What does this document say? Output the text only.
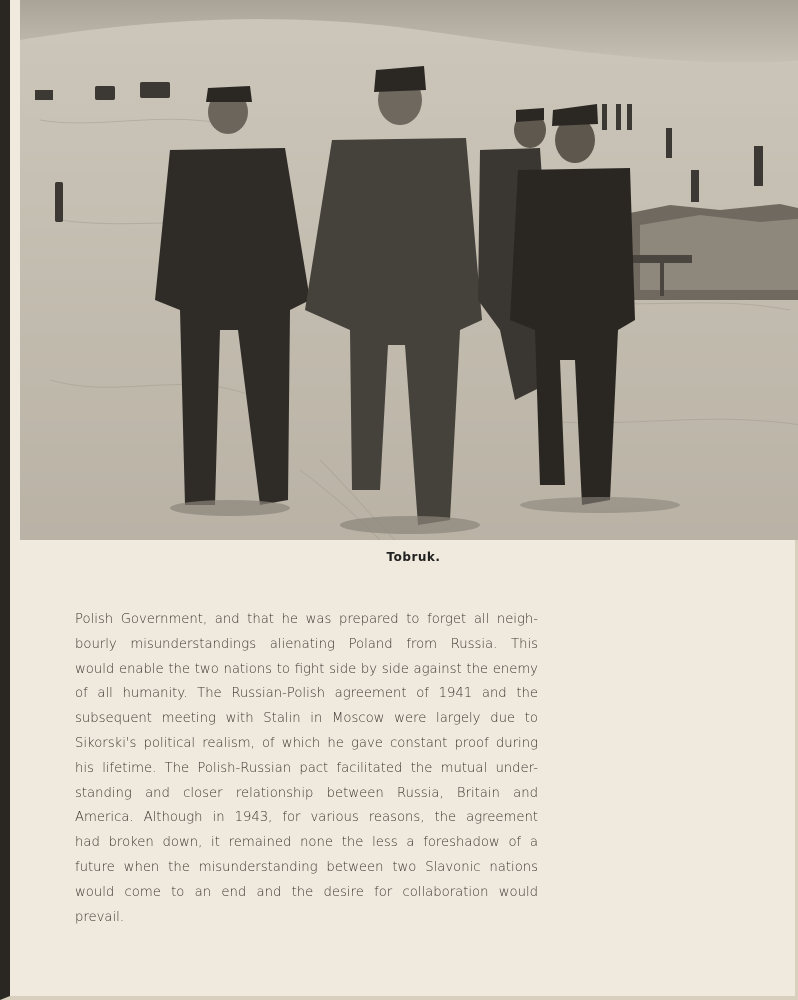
Tobruk.
Polish Government, and that he was prepared to forget all neigh-
bourly misunderstandings alienating Poland from Russia. This
would enable the two nations to fight side by side against the enemy
of all humanity. The Russian-Polish agreement of 1941 and the
subsequent meeting with Stalin in Moscow were largely due to
Sikorski's political realism, of which he gave constant proof during
his lifetime. The Polish-Russian pact facilitated the mutual under-
standing and closer relationship between Russia, Britain and
America. Although in 1943, for various reasons, the agreement
had broken down, it remained none the less a foreshadow of a
future when the misunderstanding between two Slavonic nations
would come to an end and the desire for collaboration would
prevail.
